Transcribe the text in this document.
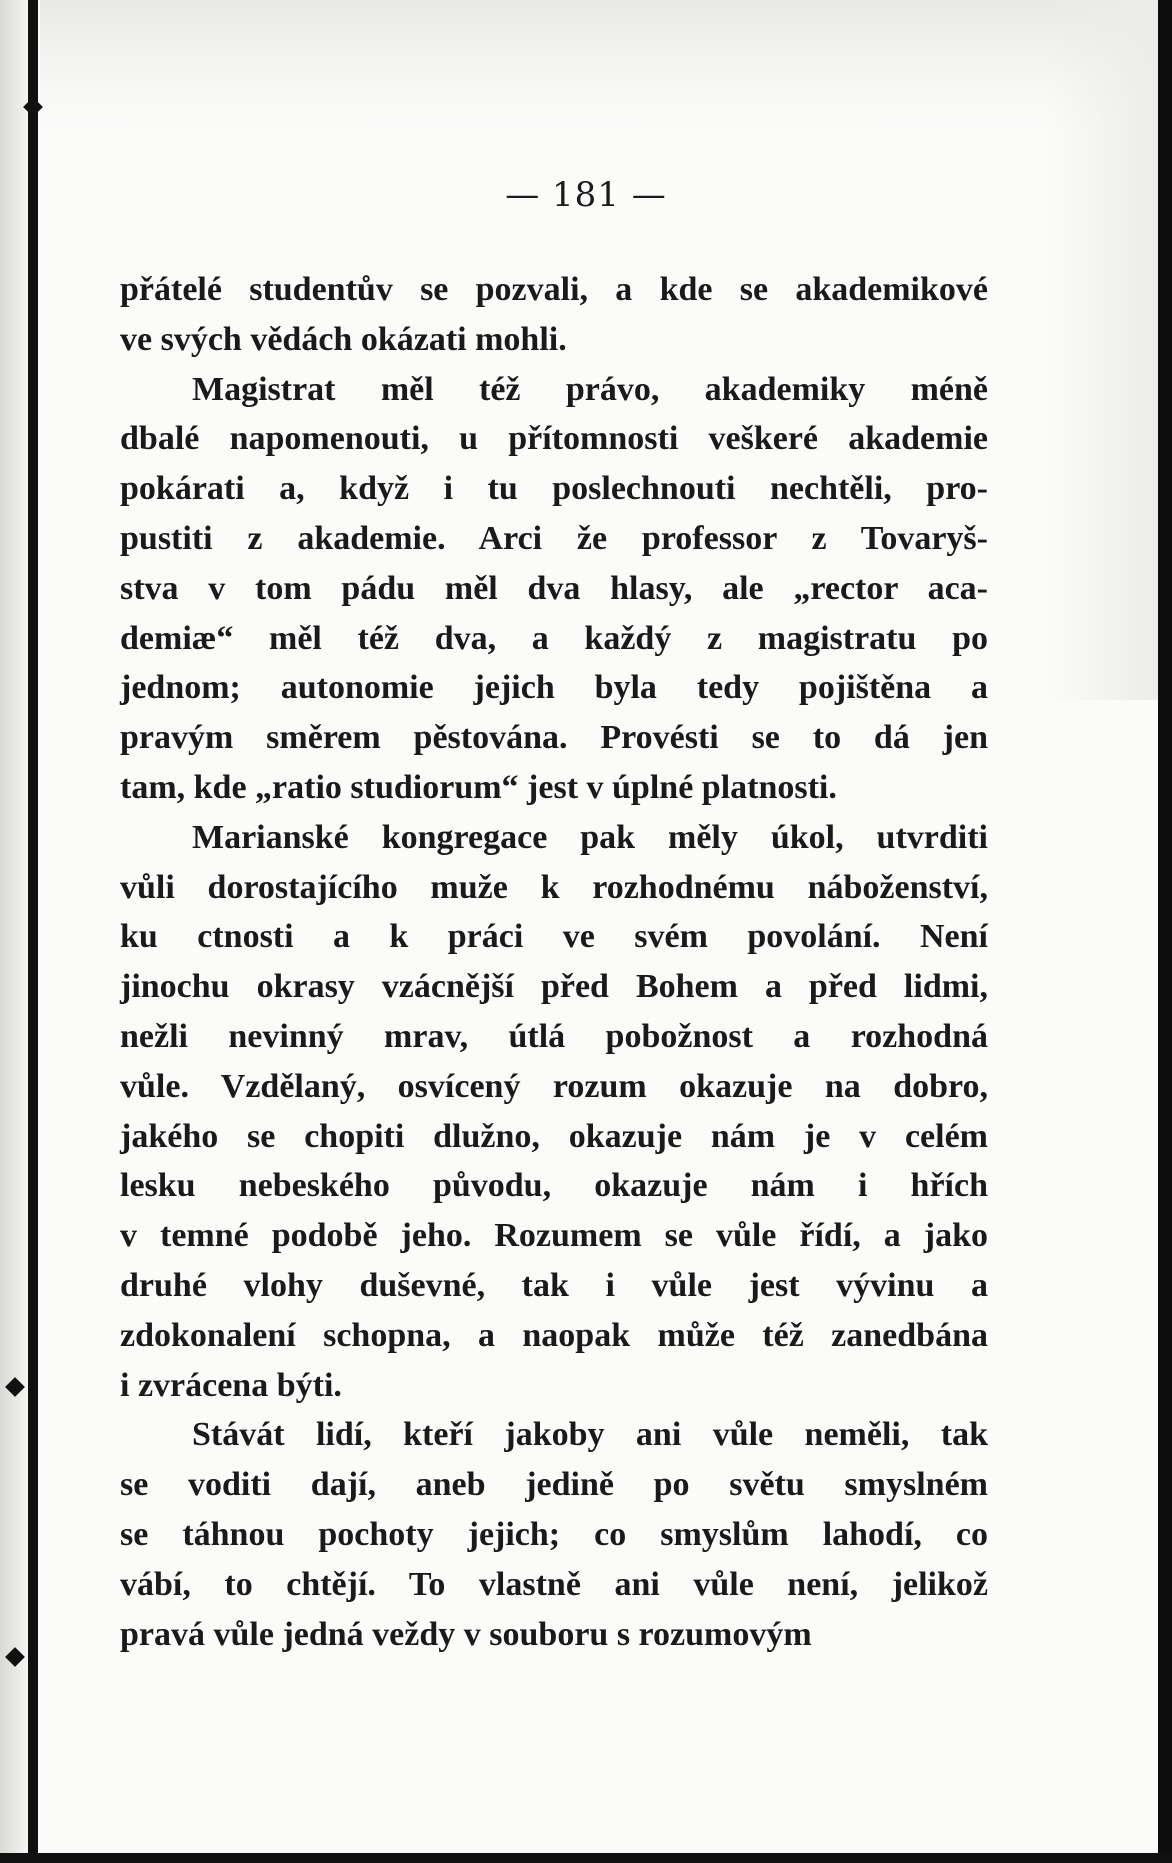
— 181 —
přátelé studentův se pozvali, a kde se akademikové
ve svých vědách okázati mohli.
Magistrat měl též právo, akademiky méně
dbalé napomenouti, u přítomnosti veškeré akademie
pokárati a, když i tu poslechnouti nechtěli, pro-
pustiti z akademie. Arci že professor z Tovaryš-
stva v tom pádu měl dva hlasy, ale „rector aca-
demiæ“ měl též dva, a každý z magistratu po
jednom; autonomie jejich byla tedy pojištěna a
pravým směrem pěstována. Provésti se to dá jen
tam, kde „ratio studiorum“ jest v úplné platnosti.
Marianské kongregace pak měly úkol, utvrditi
vůli dorostajícího muže k rozhodnému náboženství,
ku ctnosti a k práci ve svém povolání. Není
jinochu okrasy vzácnější před Bohem a před lidmi,
nežli nevinný mrav, útlá pobožnost a rozhodná
vůle. Vzdělaný, osvícený rozum okazuje na dobro,
jakého se chopiti dlužno, okazuje nám je v celém
lesku nebeského původu, okazuje nám i hřích
v temné podobě jeho. Rozumem se vůle řídí, a jako
druhé vlohy duševné, tak i vůle jest vývinu a
zdokonalení schopna, a naopak může též zanedbána
i zvrácena býti.
Stávát lidí, kteří jakoby ani vůle neměli, tak
se voditi dají, aneb jedině po světu smyslném
se táhnou pochoty jejich; co smyslům lahodí, co
vábí, to chtějí. To vlastně ani vůle není, jelikož
pravá vůle jedná veždy v souboru s rozumovým
